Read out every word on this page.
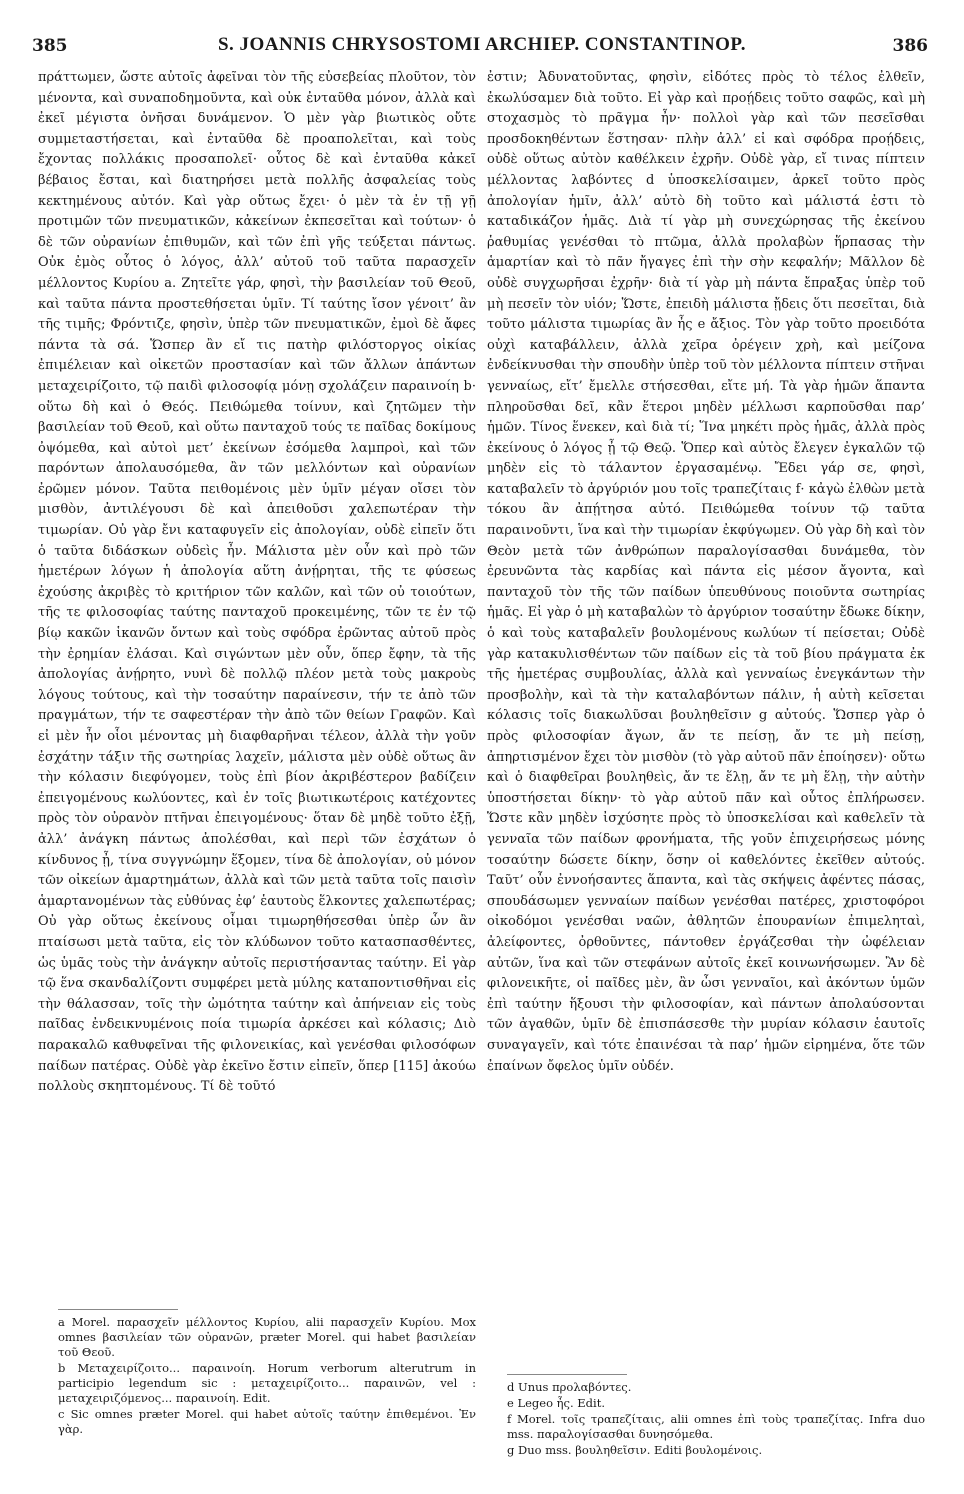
385	S. JOANNIS CHRYSOSTOMI ARCHIEP. CONSTANTINOP.	386

πράττωμεν, ὥστε αὐτοῖς ἀφεῖναι τὸν τῆς εὐσεβείας πλοῦτον, τὸν μένοντα, καὶ συναποδημοῦντα, καὶ οὐκ ἐνταῦθα μόνον, ἀλλὰ καὶ ἐκεῖ μέγιστα ὀνῆσαι δυνάμενον. Ὁ μὲν γὰρ βιωτικὸς οὔτε συμμεταστήσεται, καὶ ἐνταῦθα δὲ προαπολεῖται, καὶ τοὺς ἔχοντας πολλάκις προσαπολεῖ· οὗτος δὲ καὶ ἐνταῦθα κἀκεῖ βέβαιος ἔσται, καὶ διατηρήσει μετὰ πολλῆς ἀσφαλείας τοὺς κεκτημένους αὐτόν. Καὶ γὰρ οὕτως ἔχει· ὁ μὲν τὰ ἐν τῇ γῇ προτιμῶν τῶν πνευματικῶν, κἀκείνων ἐκπεσεῖται καὶ τούτων· ὁ δὲ τῶν οὐρανίων ἐπιθυμῶν, καὶ τῶν ἐπὶ γῆς τεύξεται πάντως. Οὐκ ἐμὸς οὗτος ὁ λόγος, ἀλλ’ αὐτοῦ τοῦ ταῦτα παρασχεῖν μέλλοντος Κυρίου a. Ζητεῖτε γάρ, φησὶ, τὴν βασιλείαν τοῦ Θεοῦ, καὶ ταῦτα πάντα προστεθήσεται ὑμῖν. Τί ταύτης ἴσον γένοιτ’ ἂν τῆς τιμῆς; Φρόντιζε, φησὶν, ὑπὲρ τῶν πνευματικῶν, ἐμοὶ δὲ ἄφες πάντα τὰ σά. Ὥσπερ ἂν εἴ τις πατὴρ φιλόστοργος οἰκίας ἐπιμέλειαν καὶ οἰκετῶν προστασίαν καὶ τῶν ἄλλων ἁπάντων μεταχειρίζοιτο, τῷ παιδὶ φιλοσοφίᾳ μόνῃ σχολάζειν παραινοίη b· οὕτω δὴ καὶ ὁ Θεός. Πειθώμεθα τοίνυν, καὶ ζητῶμεν τὴν βασιλείαν τοῦ Θεοῦ, καὶ οὕτω πανταχοῦ τούς τε παῖδας δοκίμους ὀψόμεθα, καὶ αὐτοὶ μετ’ ἐκείνων ἐσόμεθα λαμπροὶ, καὶ τῶν παρόντων ἀπολαυσόμεθα, ἂν τῶν μελλόντων καὶ οὐρανίων ἐρῶμεν μόνον. Ταῦτα πειθομένοις μὲν ὑμῖν μέγαν οἴσει τὸν μισθὸν, ἀντιλέγουσι δὲ καὶ ἀπειθοῦσι χαλεπωτέραν τὴν τιμωρίαν. Οὐ γὰρ ἔνι καταφυγεῖν εἰς ἀπολογίαν, οὐδὲ εἰπεῖν ὅτι ὁ ταῦτα διδάσκων οὐδεὶς ἦν. Μάλιστα μὲν οὖν καὶ πρὸ τῶν ἡμετέρων λόγων ἡ ἀπολογία αὕτη ἀνῄρηται, τῆς τε φύσεως ἐχούσης ἀκριβὲς τὸ κριτήριον τῶν καλῶν, καὶ τῶν οὐ τοιούτων, τῆς τε φιλοσοφίας ταύτης πανταχοῦ προκειμένης, τῶν τε ἐν τῷ βίῳ κακῶν ἱκανῶν ὄντων καὶ τοὺς σφόδρα ἐρῶντας αὐτοῦ πρὸς τὴν ἐρημίαν ἐλάσαι. Καὶ σιγώντων μὲν οὖν, ὅπερ ἔφην, τὰ τῆς ἀπολογίας ἀνῄρητο, νυνὶ δὲ πολλῷ πλέον μετὰ τοὺς μακροὺς λόγους τούτους, καὶ τὴν τοσαύτην παραίνεσιν, τήν τε ἀπὸ τῶν πραγμάτων, τήν τε σαφεστέραν τὴν ἀπὸ τῶν θείων Γραφῶν. Καὶ εἰ μὲν ἦν οἷοι μένοντας μὴ διαφθαρῆναι τέλεον, ἀλλὰ τὴν γοῦν ἐσχάτην τάξιν τῆς σωτηρίας λαχεῖν, μάλιστα μὲν οὐδὲ οὕτως ἂν τὴν κόλασιν διεφύγομεν, τοὺς ἐπὶ βίον ἀκριβέστερον βαδίζειν ἐπειγομένους κωλύοντες, καὶ ἐν τοῖς βιωτικωτέροις κατέχοντες πρὸς τὸν οὐρανὸν πτῆναι ἐπειγομένους· ὅταν δὲ μηδὲ τοῦτο ἐξῇ, ἀλλ’ ἀνάγκη πάντως ἀπολέσθαι, καὶ περὶ τῶν ἐσχάτων ὁ κίνδυνος ᾖ, τίνα συγγνώμην ἕξομεν, τίνα δὲ ἀπολογίαν, οὐ μόνον τῶν οἰκείων ἁμαρτημάτων, ἀλλὰ καὶ τῶν μετὰ ταῦτα τοῖς παισὶν ἁμαρτανομένων τὰς εὐθύνας ἐφ’ ἑαυτοὺς ἕλκοντες χαλεπωτέρας; Οὐ γὰρ οὕτως ἐκείνους οἶμαι τιμωρηθήσεσθαι ὑπὲρ ὧν ἂν πταίσωσι μετὰ ταῦτα, εἰς τὸν κλύδωνον τοῦτο κατασπασθέντες, ὡς ὑμᾶς τοὺς τὴν ἀνάγκην αὐτοῖς περιστήσαντας ταύτην. Εἰ γὰρ τῷ ἕνα σκανδαλίζοντι συμφέρει μετὰ μύλης καταποντισθῆναι εἰς τὴν θάλασσαν, τοῖς τὴν ὠμότητα ταύτην καὶ ἀπήνειαν εἰς τοὺς παῖδας ἐνδεικνυμένοις ποία τιμωρία ἀρκέσει καὶ κόλασις; Διὸ παρακαλῶ καθυφεῖναι τῆς φιλονεικίας, καὶ γενέσθαι φιλοσόφων παίδων πατέρας. Οὐδὲ γὰρ ἐκεῖνο ἔστιν εἰπεῖν, ὅπερ [115] ἀκούω πολλοὺς σκηπτομένους. Τί δὲ τοῦτό

ἐστιν; Ἀδυνατοῦντας, φησὶν, εἰδότες πρὸς τὸ τέλος ἐλθεῖν, ἐκωλύσαμεν διὰ τοῦτο. Εἰ γὰρ καὶ προῄδεις τοῦτο σαφῶς, καὶ μὴ στοχασμὸς τὸ πρᾶγμα ἦν· πολλοὶ γὰρ καὶ τῶν πεσεῖσθαι προσδοκηθέντων ἕστησαν· πλὴν ἀλλ’ εἰ καὶ σφόδρα προῄδεις, οὐδὲ οὕτως αὐτὸν καθέλκειν ἐχρῆν. Οὐδὲ γὰρ, εἴ τινας πίπτειν μέλλοντας λαβόντες d ὑποσκελίσαιμεν, ἀρκεῖ τοῦτο πρὸς ἀπολογίαν ἡμῖν, ἀλλ’ αὐτὸ δὴ τοῦτο καὶ μάλιστά ἐστι τὸ καταδικάζον ἡμᾶς. Διὰ τί γὰρ μὴ συνεχώρησας τῆς ἐκείνου ῥαθυμίας γενέσθαι τὸ πτῶμα, ἀλλὰ προλαβὼν ἥρπασας τὴν ἁμαρτίαν καὶ τὸ πᾶν ἤγαγες ἐπὶ τὴν σὴν κεφαλήν; Μᾶλλον δὲ οὐδὲ συγχωρῆσαι ἐχρῆν· διὰ τί γὰρ μὴ πάντα ἔπραξας ὑπὲρ τοῦ μὴ πεσεῖν τὸν υἱόν; Ὥστε, ἐπειδὴ μάλιστα ᾔδεις ὅτι πεσεῖται, διὰ τοῦτο μάλιστα τιμωρίας ἂν ἦς e ἄξιος. Τὸν γὰρ τοῦτο προειδότα οὐχὶ καταβάλλειν, ἀλλὰ χεῖρα ὀρέγειν χρὴ, καὶ μείζονα ἐνδείκνυσθαι τὴν σπουδὴν ὑπὲρ τοῦ τὸν μέλλοντα πίπτειν στῆναι γενναίως, εἴτ’ ἔμελλε στήσεσθαι, εἴτε μή. Τὰ γὰρ ἡμῶν ἅπαντα πληροῦσθαι δεῖ, κἂν ἕτεροι μηδὲν μέλλωσι καρποῦσθαι παρ’ ἡμῶν. Τίνος ἕνεκεν, καὶ διὰ τί; Ἵνα μηκέτι πρὸς ἡμᾶς, ἀλλὰ πρὸς ἐκείνους ὁ λόγος ᾖ τῷ Θεῷ. Ὅπερ καὶ αὐτὸς ἔλεγεν ἐγκαλῶν τῷ μηδὲν εἰς τὸ τάλαντον ἐργασαμένῳ. Ἔδει γάρ σε, φησὶ, καταβαλεῖν τὸ ἀργύριόν μου τοῖς τραπεζίταις f· κἀγὼ ἐλθὼν μετὰ τόκου ἂν ἀπῄτησα αὐτό. Πειθώμεθα τοίνυν τῷ ταῦτα παραινοῦντι, ἵνα καὶ τὴν τιμωρίαν ἐκφύγωμεν. Οὐ γὰρ δὴ καὶ τὸν Θεὸν μετὰ τῶν ἀνθρώπων παραλογίσασθαι δυνάμεθα, τὸν ἐρευνῶντα τὰς καρδίας καὶ πάντα εἰς μέσον ἄγοντα, καὶ πανταχοῦ τὸν τῆς τῶν παίδων ὑπευθύνους ποιοῦντα σωτηρίας ἡμᾶς. Εἰ γὰρ ὁ μὴ καταβαλὼν τὸ ἀργύριον τοσαύτην ἔδωκε δίκην, ὁ καὶ τοὺς καταβαλεῖν βουλομένους κωλύων τί πείσεται; Οὐδὲ γὰρ κατακυλισθέντων τῶν παίδων εἰς τὰ τοῦ βίου πράγματα ἐκ τῆς ἡμετέρας συμβουλίας, ἀλλὰ καὶ γενναίως ἐνεγκάντων τὴν προσβολὴν, καὶ τὰ τὴν καταλαβόντων πάλιν, ἡ αὐτὴ κεῖσεται κόλασις τοῖς διακωλῦσαι βουληθεῖσιν g αὐτούς. Ὥσπερ γὰρ ὁ πρὸς φιλοσοφίαν ἄγων, ἄν τε πείσῃ, ἄν τε μὴ πείσῃ, ἀπηρτισμένον ἔχει τὸν μισθὸν (τὸ γὰρ αὐτοῦ πᾶν ἐποίησεν)· οὕτω καὶ ὁ διαφθεῖραι βουληθεὶς, ἄν τε ἕλῃ, ἄν τε μὴ ἕλῃ, τὴν αὐτὴν ὑποστήσεται δίκην· τὸ γὰρ αὐτοῦ πᾶν καὶ οὗτος ἐπλήρωσεν. Ὥστε κἂν μηδὲν ἰσχύσητε πρὸς τὸ ὑποσκελίσαι καὶ καθελεῖν τὰ γενναῖα τῶν παίδων φρονήματα, τῆς γοῦν ἐπιχειρήσεως μόνης τοσαύτην δώσετε δίκην, ὅσην οἱ καθελόντες ἐκεῖθεν αὐτούς. Ταῦτ’ οὖν ἐννοήσαντες ἅπαντα, καὶ τὰς σκήψεις ἀφέντες πάσας, σπουδάσωμεν γενναίων παίδων γενέσθαι πατέρες, χριστοφόροι οἰκοδόμοι γενέσθαι ναῶν, ἀθλητῶν ἐπουρανίων ἐπιμεληταὶ, ἀλείφοντες, ὀρθοῦντες, πάντοθεν ἐργάζεσθαι τὴν ὠφέλειαν αὐτῶν, ἵνα καὶ τῶν στεφάνων αὐτοῖς ἐκεῖ κοινωνήσωμεν. Ἂν δὲ φιλονεικῆτε, οἱ παῖδες μὲν, ἂν ὦσι γενναῖοι, καὶ ἀκόντων ὑμῶν ἐπὶ ταύτην ἥξουσι τὴν φιλοσοφίαν, καὶ πάντων ἀπολαύσονται τῶν ἀγαθῶν, ὑμῖν δὲ ἐπισπάσεσθε τὴν μυρίαν κόλασιν ἑαυτοῖς συναγαγεῖν, καὶ τότε ἐπαινέσαι τὰ παρ’ ἡμῶν εἰρημένα, ὅτε τῶν ἐπαίνων ὄφελος ὑμῖν οὐδέν.

a Morel. παρασχεῖν μέλλοντος Κυρίου, alii παρασχεῖν Κυρίου. Mox omnes βασιλείαν τῶν οὐρανῶν, præter Morel. qui habet βασιλείαν τοῦ Θεοῦ.

b Μεταχειρίζοιτο... παραινοίη. Horum verborum alterutrum in participio legendum sic : μεταχειρίζοιτο... παραινῶν, vel : μεταχειριζόμενος... παραινοίη. Edit.

c Sic omnes præter Morel. qui habet αὐτοῖς ταύτην ἐπιθεμένοι. Ἐν γὰρ.

d Unus προλαβόντες.

e Legeo ἦς. Edit.

f Morel. τοῖς τραπεζίταις, alii omnes ἐπὶ τοὺς τραπεζίτας. Infra duo mss. παραλογίσασθαι δυνησόμεθα.

g Duo mss. βουληθεῖσιν. Editi βουλομένοις.
